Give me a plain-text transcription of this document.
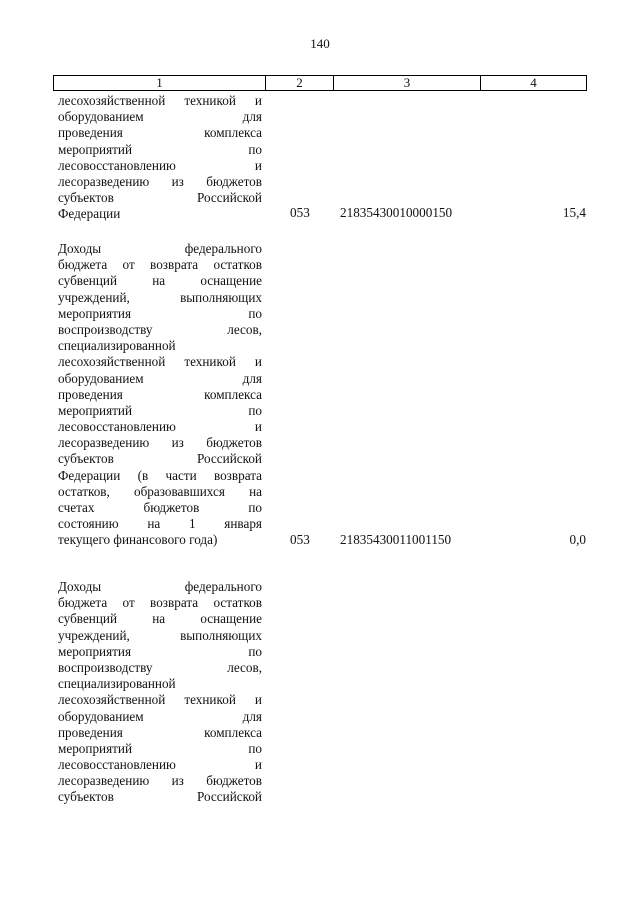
140
1	2	3	4
лесохозяйственной техникой и
оборудованием для
проведения комплекса
мероприятий по
лесовосстановлению и
лесоразведению из бюджетов
субъектов Российской
Федерации	053 21835430010000150	15,4
Доходы федерального
бюджета от возврата остатков
субвенций на оснащение
учреждений, выполняющих
мероприятия по
воспроизводству лесов,
специализированной
лесохозяйственной техникой и
оборудованием для
проведения комплекса
мероприятий по
лесовосстановлению и
лесоразведению из бюджетов
субъектов Российской
Федерации (в части возврата
остатков, образовавшихся на
счетах бюджетов по
состоянию на 1 января
текущего финансового года)	053 21835430011001150	0,0
Доходы федерального
бюджета от возврата остатков
субвенций на оснащение
учреждений, выполняющих
мероприятия по
воспроизводству лесов,
специализированной
лесохозяйственной техникой и
оборудованием для
проведения комплекса
мероприятий по
лесовосстановлению и
лесоразведению из бюджетов
субъектов Российской
